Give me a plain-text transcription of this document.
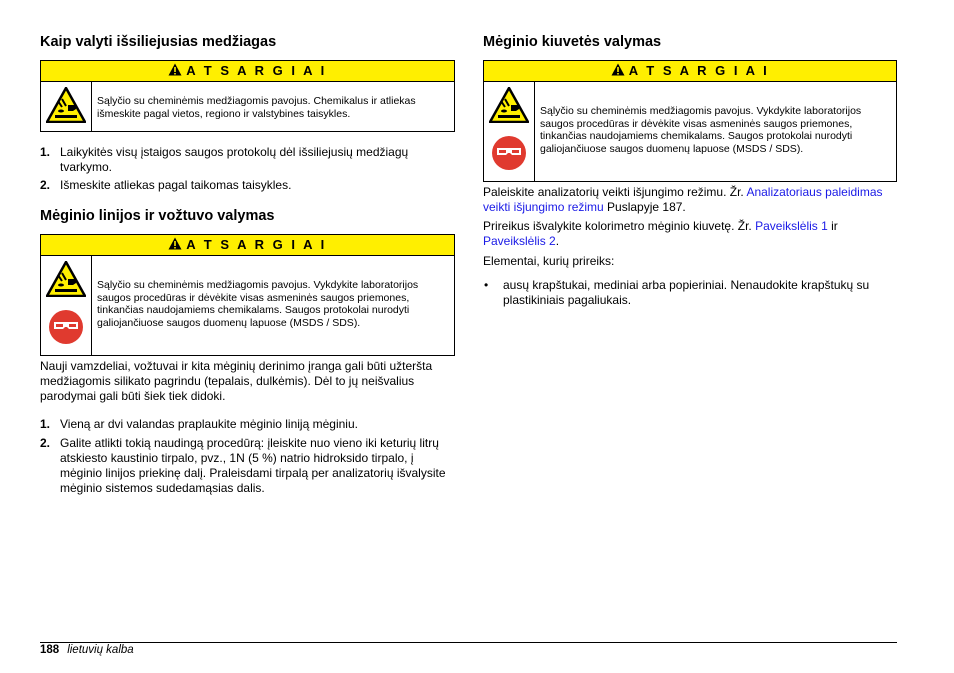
Kaip valyti išsiliejusias medžiagas
A T S A R G I A I
Sąlyčio su cheminėmis medžiagomis pavojus. Chemikalus ir atliekas išmeskite pagal vietos, regiono ir valstybines taisykles.
1. Laikykitės visų įstaigos saugos protokolų dėl išsiliejusių medžiagų tvarkymo.
2. Išmeskite atliekas pagal taikomas taisykles.
Mėginio linijos ir vožtuvo valymas
A T S A R G I A I
Sąlyčio su cheminėmis medžiagomis pavojus. Vykdykite laboratorijos saugos procedūras ir dėvėkite visas asmeninės saugos priemones, tinkančias naudojamiems chemikalams. Saugos protokolai nurodyti galiojančiuose saugos duomenų lapuose (MSDS / SDS).

Nauji vamzdeliai, vožtuvai ir kita mėginių derinimo įranga gali būti užteršta medžiagomis silikato pagrindu (tepalais, dulkėmis). Dėl to jų neišvalius parodymai gali būti šiek tiek didoki.

1. Vieną ar dvi valandas praplaukite mėginio liniją mėginiu.
2. Galite atlikti tokią naudingą procedūrą: įleiskite nuo vieno iki keturių litrų atskiesto kaustinio tirpalo, pvz., 1N (5 %) natrio hidroksido tirpalo, į mėginio linijos priekinę dalį. Praleisdami tirpalą per analizatorių išvalysite mėginio sistemos sudedamąsias dalis.
Mėginio kiuvetės valymas
A T S A R G I A I
Sąlyčio su cheminėmis medžiagomis pavojus. Vykdykite laboratorijos saugos procedūras ir dėvėkite visas asmeninės saugos priemones, tinkančias naudojamiems chemikalams. Saugos protokolai nurodyti galiojančiuose saugos duomenų lapuose (MSDS / SDS).

Paleiskite analizatorių veikti išjungimo režimu. Žr. Analizatoriaus paleidimas veikti išjungimo režimu Puslapyje 187.

Prireikus išvalykite kolorimetro mėginio kiuvetę. Žr. Paveikslėlis 1 ir Paveikslėlis 2.

Elementai, kurių prireiks:

• ausų krapštukai, mediniai arba popieriniai. Nenaudokite krapštukų su plastikiniais pagaliukais.
188 lietuvių kalba
